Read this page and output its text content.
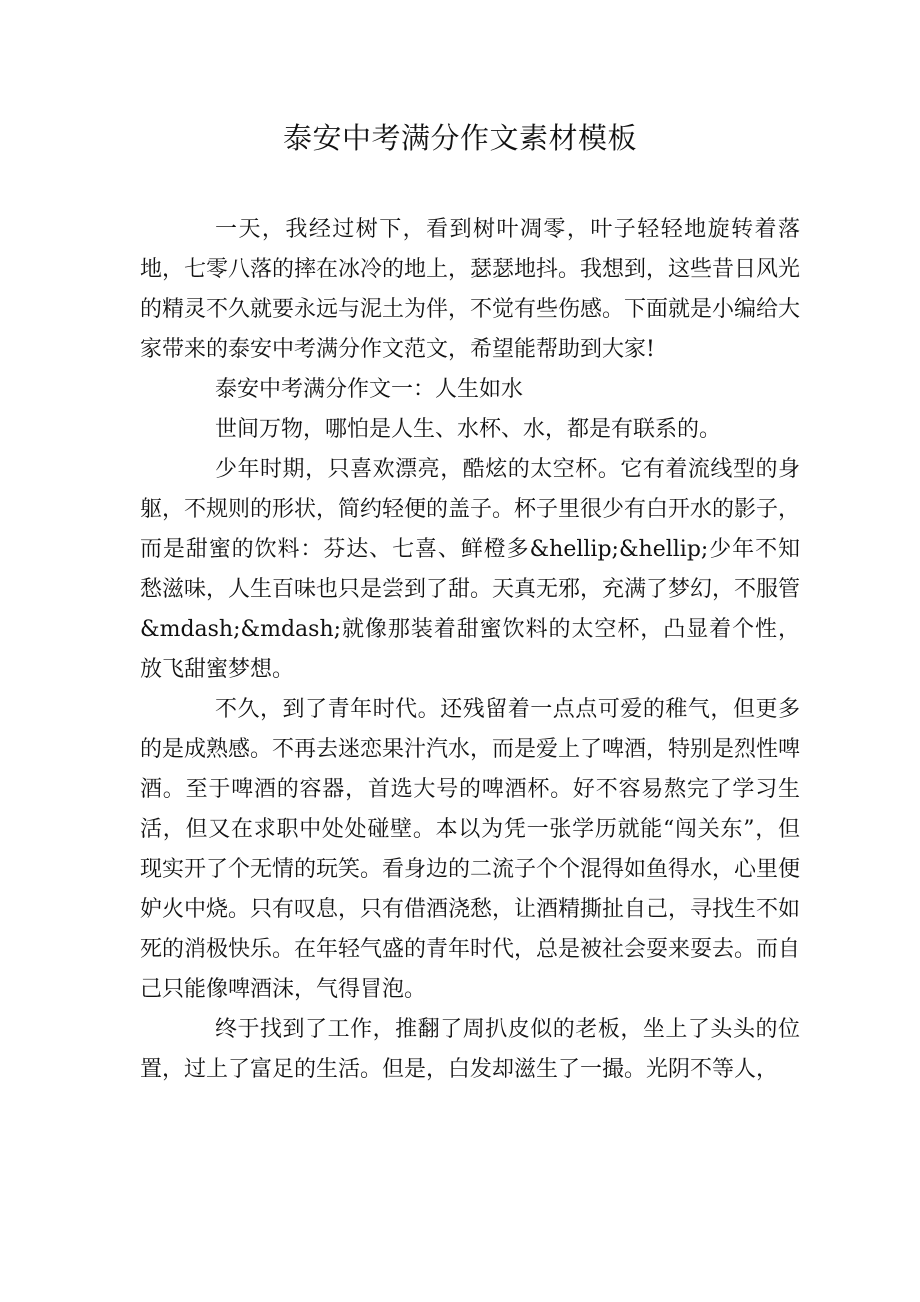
泰安中考满分作文素材模板

一天，我经过树下，看到树叶凋零，叶子轻轻地旋转着落地，七零八落的摔在冰冷的地上，瑟瑟地抖。我想到，这些昔日风光的精灵不久就要永远与泥土为伴，不觉有些伤感。下面就是小编给大家带来的泰安中考满分作文范文，希望能帮助到大家!

泰安中考满分作文一：人生如水

世间万物，哪怕是人生、水杯、水，都是有联系的。

少年时期，只喜欢漂亮，酷炫的太空杯。它有着流线型的身躯，不规则的形状，简约轻便的盖子。杯子里很少有白开水的影子，而是甜蜜的饮料：芬达、七喜、鲜橙多&hellip;&hellip;少年不知愁滋味，人生百味也只是尝到了甜。天真无邪，充满了梦幻，不服管&mdash;&mdash;就像那装着甜蜜饮料的太空杯，凸显着个性，放飞甜蜜梦想。

不久，到了青年时代。还残留着一点点可爱的稚气，但更多的是成熟感。不再去迷恋果汁汽水，而是爱上了啤酒，特别是烈性啤酒。至于啤酒的容器，首选大号的啤酒杯。好不容易熬完了学习生活，但又在求职中处处碰壁。本以为凭一张学历就能“闯关东”，但现实开了个无情的玩笑。看身边的二流子个个混得如鱼得水，心里便妒火中烧。只有叹息，只有借酒浇愁，让酒精撕扯自己，寻找生不如死的消极快乐。在年轻气盛的青年时代，总是被社会耍来耍去。而自己只能像啤酒沫，气得冒泡。

终于找到了工作，推翻了周扒皮似的老板，坐上了头头的位置，过上了富足的生活。但是，白发却滋生了一撮。光阴不等人，
